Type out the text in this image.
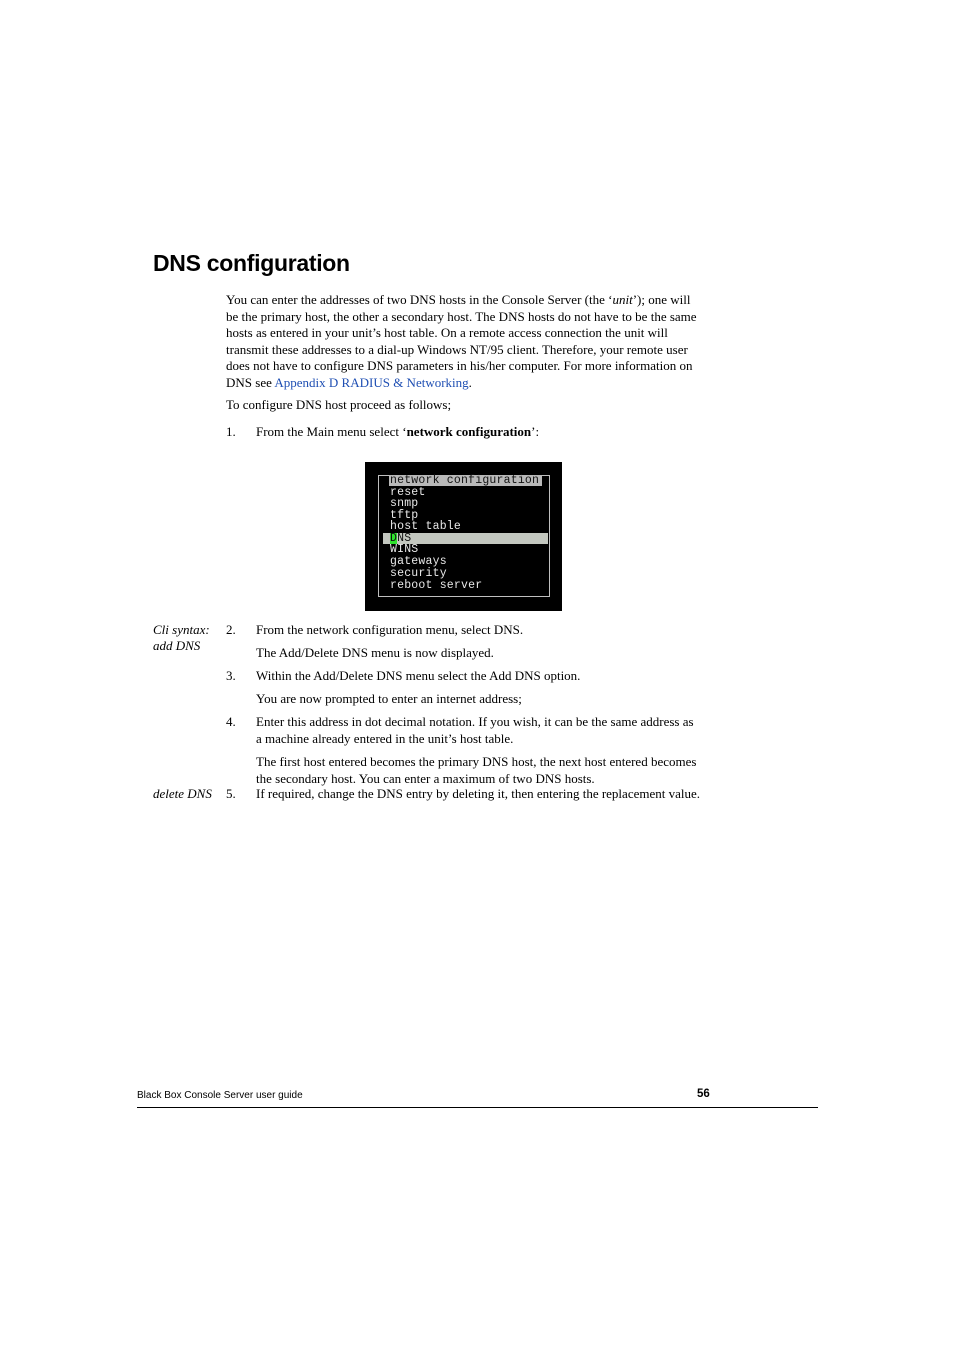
DNS configuration
You can enter the addresses of two DNS hosts in the Console Server (the ‘unit’); one will be the primary host, the other a secondary host. The DNS hosts do not have to be the same hosts as entered in your unit’s host table. On a remote access connection the unit will transmit these addresses to a dial-up Windows NT/95 client. Therefore, your remote user does not have to configure DNS parameters in his/her computer. For more information on DNS see Appendix D RADIUS & Networking.
To configure DNS host proceed as follows;
1. From the Main menu select ‘network configuration’:
network configuration
reset
snmp
tftp
host table
DNS
WINS
gateways
security
reboot server
Cli syntax:
add DNS
2. From the network configuration menu, select DNS.
The Add/Delete DNS menu is now displayed.
3. Within the Add/Delete DNS menu select the Add DNS option.
You are now prompted to enter an internet address;
4. Enter this address in dot decimal notation. If you wish, it can be the same address as a machine already entered in the unit’s host table.
The first host entered becomes the primary DNS host, the next host entered becomes the secondary host. You can enter a maximum of two DNS hosts.
delete DNS 5. If required, change the DNS entry by deleting it, then entering the replacement value.
Black Box Console Server user guide	56
